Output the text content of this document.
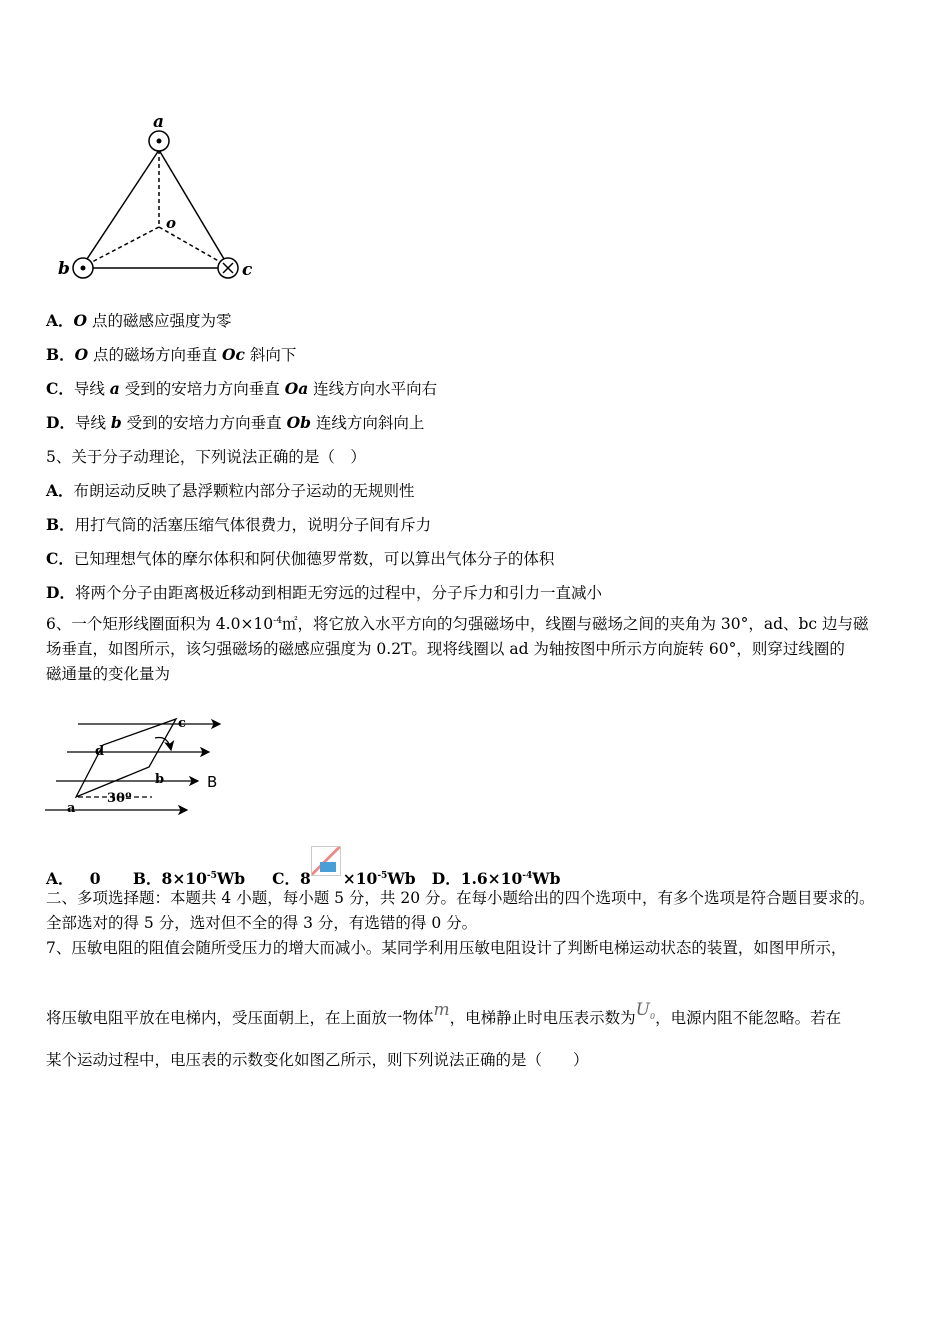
a
b	c
o
A．O 点的磁感应强度为零
B．O 点的磁场方向垂直 Oc 斜向下
C．导线 a 受到的安培力方向垂直 Oa 连线方向水平向右
D．导线 b 受到的安培力方向垂直 Ob 连线方向斜向上
5、关于分子动理论，下列说法正确的是（　）
A．布朗运动反映了悬浮颗粒内部分子运动的无规则性
B．用打气筒的活塞压缩气体很费力，说明分子间有斥力
C．已知理想气体的摩尔体积和阿伏伽德罗常数，可以算出气体分子的体积
D．将两个分子由距离极近移动到相距无穷远的过程中，分子斥力和引力一直减小
6、一个矩形线圈面积为 $4.0\times 10^{-4}㎡$，将它放入水平方向的匀强磁场中，线圈与磁场之间的夹角为 30°，ad、bc 边与磁
场垂直，如图所示，该匀强磁场的磁感应强度为 0.2T。现将线圈以 ad 为轴按图中所示方向旋转 60°，则穿过线圈的
磁通量的变化量为
a
b
c
d
30º
B
A． 0 B．$8\times 10^{-5}Wb$ C．$8 \times 10^{-5}Wb$ D．$1.6\times 10^{-4}Wb$
二、多项选择题：本题共 4 小题，每小题 5 分，共 20 分。在每小题给出的四个选项中，有多个选项是符合题目要求的。
全部选对的得 5 分，选对但不全的得 3 分，有选错的得 0 分。
7、压敏电阻的阻值会随所受压力的增大而减小。某同学利用压敏电阻设计了判断电梯运动状态的装置，如图甲所示，
将压敏电阻平放在电梯内，受压面朝上，在上面放一物体m，电梯静止时电压表示数为$U^0$，电源内阻不能忽略。若在
某个运动过程中，电压表的示数变化如图乙所示，则下列说法正确的是（　　）
